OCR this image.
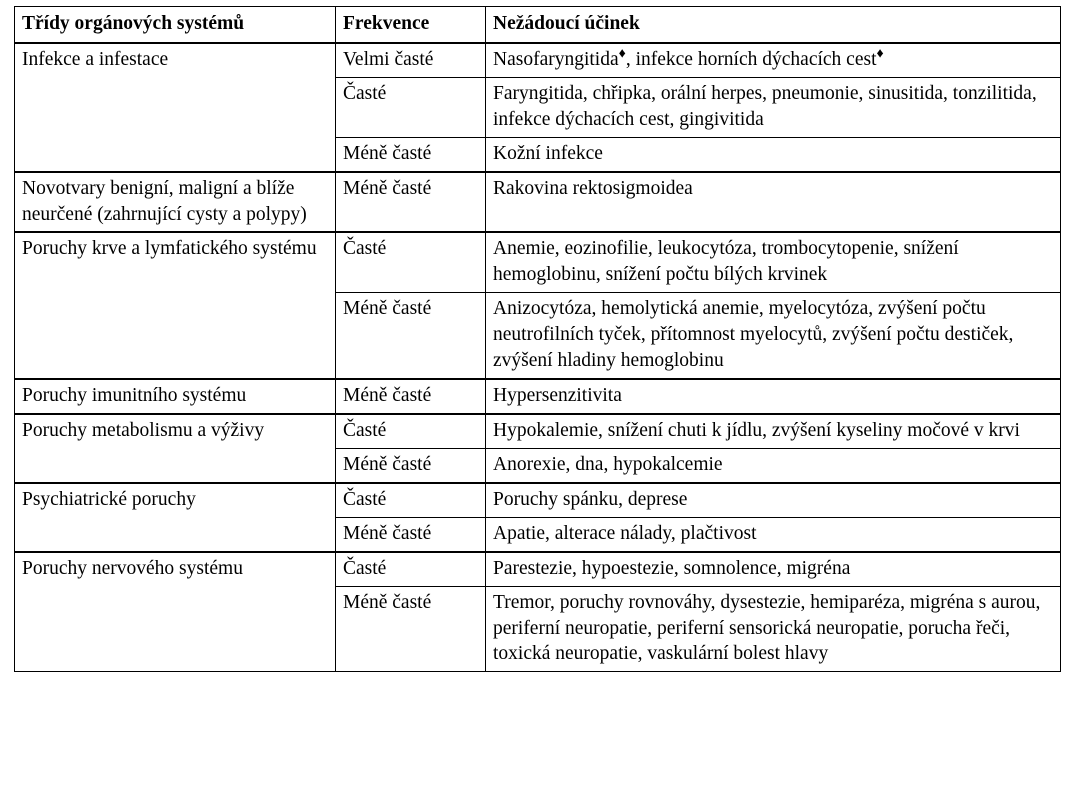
Třídy orgánových systémů	Frekvence	Nežádoucí účinek
Infekce a infestace	Velmi časté	Nasofaryngitida♦, infekce horních dýchacích cest♦
	Časté	Faryngitida, chřipka, orální herpes, pneumonie, sinusitida, tonzilitida, infekce dýchacích cest, gingivitida
	Méně časté	Kožní infekce
Novotvary benigní, maligní a blíže neurčené (zahrnující cysty a polypy)	Méně časté	Rakovina rektosigmoidea
Poruchy krve a lymfatického systému	Časté	Anemie, eozinofilie, leukocytóza, trombocytopenie, snížení hemoglobinu, snížení počtu bílých krvinek
	Méně časté	Anizocytóza, hemolytická anemie, myelocytóza, zvýšení počtu neutrofilních tyček, přítomnost myelocytů, zvýšení počtu destiček, zvýšení hladiny hemoglobinu
Poruchy imunitního systému	Méně časté	Hypersenzitivita
Poruchy metabolismu a výživy	Časté	Hypokalemie, snížení chuti k jídlu, zvýšení kyseliny močové v krvi
	Méně časté	Anorexie, dna, hypokalcemie
Psychiatrické poruchy	Časté	Poruchy spánku, deprese
	Méně časté	Apatie, alterace nálady, plačtivost
Poruchy nervového systému	Časté	Parestezie, hypoestezie, somnolence, migréna
	Méně časté	Tremor, poruchy rovnováhy, dysestezie, hemiparéza, migréna s aurou, periferní neuropatie, periferní sensorická neuropatie, porucha řeči, toxická neuropatie, vaskulární bolest hlavy
